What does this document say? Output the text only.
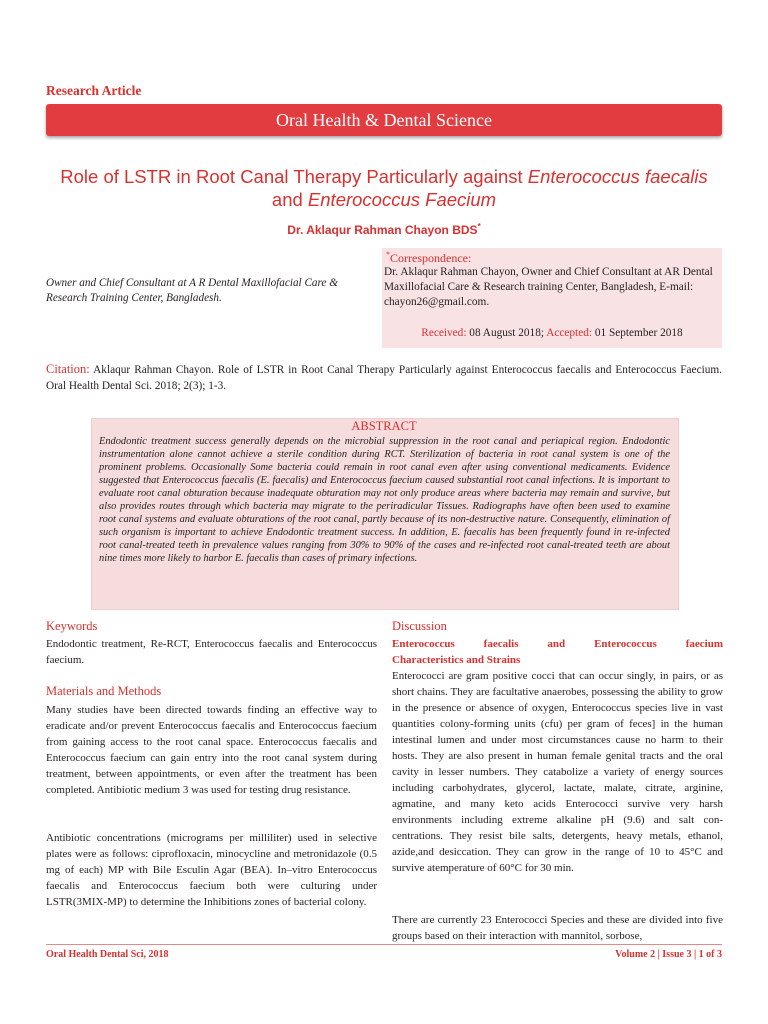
Research Article
Oral Health & Dental Science
Role of LSTR in Root Canal Therapy Particularly against Enterococcus faecalis and Enterococcus Faecium
Dr. Aklaqur Rahman Chayon BDS*
Owner and Chief Consultant at A R Dental Maxillofacial Care & Research Training Center, Bangladesh.
*Correspondence:
Dr. Aklaqur Rahman Chayon, Owner and Chief Consultant at AR Dental Maxillofacial Care & Research training Center, Bangladesh, E-mail: chayon26@gmail.com.
Received: 08 August 2018; Accepted: 01 September 2018
Citation: Aklaqur Rahman Chayon. Role of LSTR in Root Canal Therapy Particularly against Enterococcus faecalis and Enterococcus Faecium. Oral Health Dental Sci. 2018; 2(3); 1-3.
ABSTRACT
Endodontic treatment success generally depends on the microbial suppression in the root canal and periapical region. Endodontic instrumentation alone cannot achieve a sterile condition during RCT. Sterilization of bacteria in root canal system is one of the prominent problems. Occasionally Some bacteria could remain in root canal even after using conventional medicaments. Evidence suggested that Enterococcus faecalis (E. faecalis) and Enterococcus faecium caused substantial root canal infections. It is important to evaluate root canal obturation because inadequate obturation may not only produce areas where bacteria may remain and survive, but also provides routes through which bacteria may migrate to the periradicular Tissues. Radiographs have often been used to examine root canal systems and evaluate obturations of the root canal, partly because of its non-destructive nature. Consequently, elimination of such organism is important to achieve Endodontic treatment success. In addition, E. faecalis has been frequently found in re-infected root canal-treated teeth in prevalence values ranging from 30% to 90% of the cases and re-infected root canal-treated teeth are about nine times more likely to harbor E. faecalis than cases of primary infections.
Keywords
Endodontic treatment, Re-RCT, Enterococcus faecalis and Enterococcus faecium.
Materials and Methods
Many studies have been directed towards finding an effective way to eradicate and/or prevent Enterococcus faecalis and Enterococcus faecium from gaining access to the root canal space. Enterococcus faecalis and Enterococcus faecium can gain entry into the root canal system during treatment, between appointments, or even after the treatment has been completed. Antibiotic medium 3 was used for testing drug resistance.
Antibiotic concentrations (micrograms per milliliter) used in selective plates were as follows: ciprofloxacin, minocycline and metronidazole (0.5 mg of each) MP with Bile Esculin Agar (BEA). In–vitro Enterococcus faecalis and Enterococcus faecium both were culturing under LSTR(3MIX-MP) to determine the Inhibitions zones of bacterial colony.
Discussion
Enterococcus	faecalis	and	Enterococcus	faecium
Characteristics and Strains
Enterococci are gram positive cocci that can occur singly, in pairs, or as short chains. They are facultative anaerobes, possessing the ability to grow in the presence or absence of oxygen, Enterococcus species live in vast quantities colony-forming units (cfu) per gram of feces] in the human intestinal lumen and under most circumstances cause no harm to their hosts. They are also present in human female genital tracts and the oral cavity in lesser numbers. They catabolize a variety of energy sources including carbohydrates, glycerol, lactate, malate, citrate, arginine, agmatine, and many keto acids Enterococci survive very harsh environments including extreme alkaline pH (9.6) and salt con- centrations. They resist bile salts, detergents, heavy metals, ethanol, azide,and desiccation. They can grow in the range of 10 to 45°C and survive atemperature of 60°C for 30 min.
There are currently 23 Enterococci Species and these are divided into five groups based on their interaction with mannitol, sorbose,
Oral Health Dental Sci, 2018	Volume 2 | Issue 3 | 1 of 3
